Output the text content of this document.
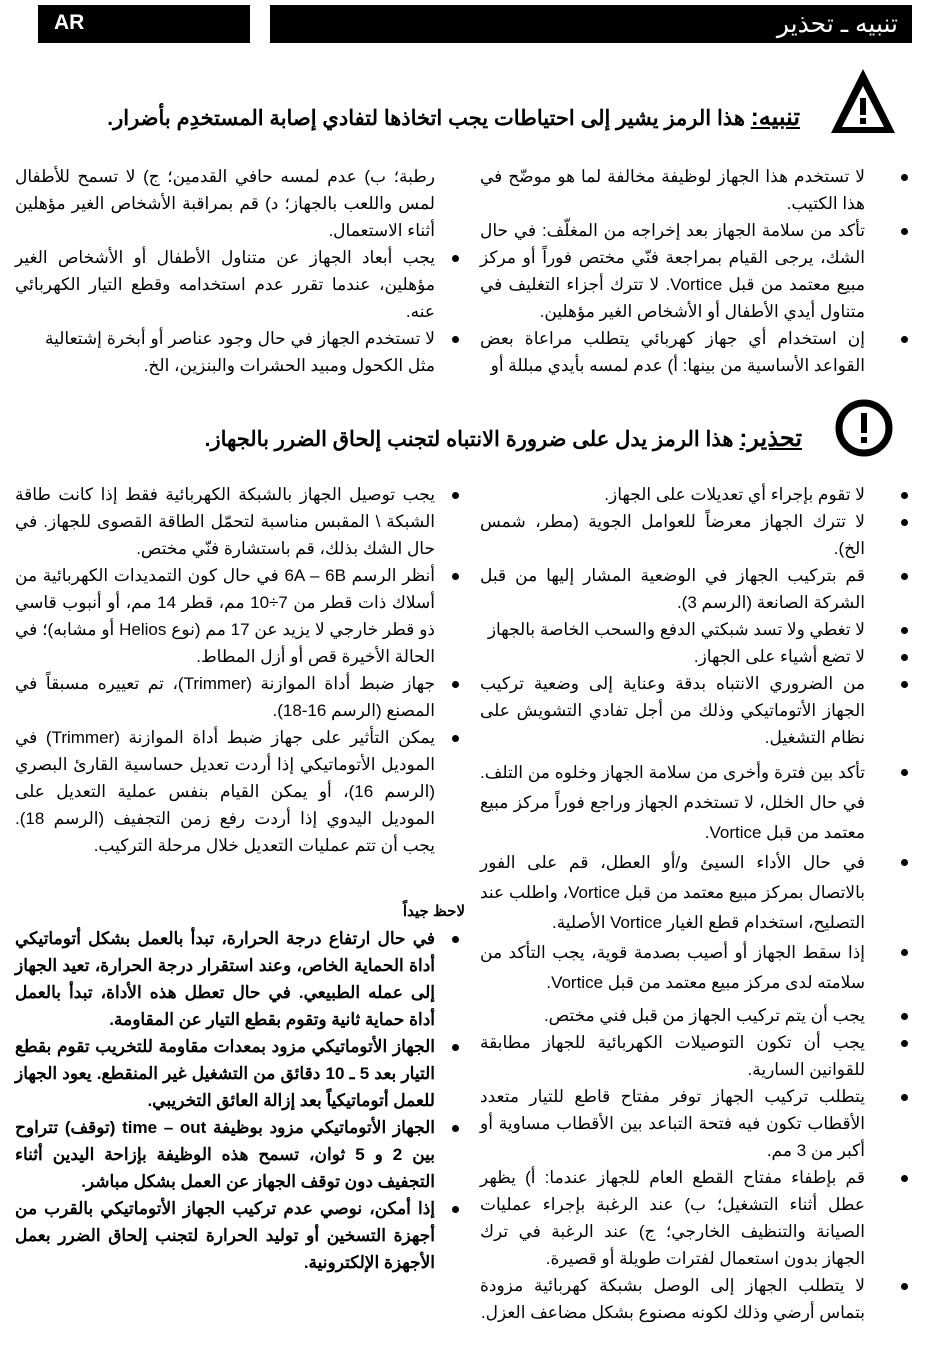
AR	تنبيه ـ تحذير
تنبيه: هذا الرمز يشير إلى احتياطات يجب اتخاذها لتفادي إصابة المستخدِم بأضرار.
لا تستخدم هذا الجهاز لوظيفة مخالفة لما هو موضّح في هذا الكتيب.
تأكد من سلامة الجهاز بعد إخراجه من المغلّف: في حال الشك، يرجى القيام بمراجعة فنّي مختص فوراً أو مركز مبيع معتمد من قبل Vortice. لا تترك أجزاء التغليف في متناول أيدي الأطفال أو الأشخاص الغير مؤهلين.
إن استخدام أي جهاز كهربائي يتطلب مراعاة بعض القواعد الأساسية من بينها: أ) عدم لمسه بأيدي مبللة أو
رطبة؛ ب) عدم لمسه حافي القدمين؛ ج) لا تسمح للأطفال لمس واللعب بالجهاز؛ د) قم بمراقبة الأشخاص الغير مؤهلين أثناء الاستعمال.
يجب أبعاد الجهاز عن متناول الأطفال أو الأشخاص الغير مؤهلين، عندما تقرر عدم استخدامه وقطع التيار الكهربائي عنه.
لا تستخدم الجهاز في حال وجود عناصر أو أبخرة إشتعالية مثل الكحول ومبيد الحشرات والبنزين، الخ.
تحذير: هذا الرمز يدل على ضرورة الانتباه لتجنب إلحاق الضرر بالجهاز.
لا تقوم بإجراء أي تعديلات على الجهاز.
لا تترك الجهاز معرضاً للعوامل الجوية (مطر، شمس الخ).
قم بتركيب الجهاز في الوضعية المشار إليها من قبل الشركة الصانعة (الرسم 3).
لا تغطي ولا تسد شبكتي الدفع والسحب الخاصة بالجهاز
لا تضع أشياء على الجهاز.
من الضروري الانتباه بدقة وعناية إلى وضعية تركيب الجهاز الأتوماتيكي وذلك من أجل تفادي التشويش على نظام التشغيل.
تأكد بين فترة وأخرى من سلامة الجهاز وخلوه من التلف. في حال الخلل، لا تستخدم الجهاز وراجع فوراً مركز مبيع معتمد من قبل Vortice.
في حال الأداء السيئ و/أو العطل، قم على الفور بالاتصال بمركز مبيع معتمد من قبل Vortice، واطلب عند التصليح، استخدام قطع الغيار Vortice الأصلية.
إذا سقط الجهاز أو أصيب بصدمة قوية، يجب التأكد من سلامته لدى مركز مبيع معتمد من قبل Vortice.
يجب أن يتم تركيب الجهاز من قبل فني مختص.
يجب أن تكون التوصيلات الكهربائية للجهاز مطابقة للقوانين السارية.
يتطلب تركيب الجهاز توفر مفتاح قاطع للتيار متعدد الأقطاب تكون فيه فتحة التباعد بين الأقطاب مساوية أو أكبر من 3 مم.
قم بإطفاء مفتاح القطع العام للجهاز عندما: أ) يظهر عطل أثناء التشغيل؛ ب) عند الرغبة بإجراء عمليات الصيانة والتنظيف الخارجي؛ ج) عند الرغبة في ترك الجهاز بدون استعمال لفترات طويلة أو قصيرة.
لا يتطلب الجهاز إلى الوصل بشبكة كهربائية مزودة بتماس أرضي وذلك لكونه مصنوع بشكل مضاعف العزل.
يجب توصيل الجهاز بالشبكة الكهربائية فقط إذا كانت طاقة الشبكة \ المقبس مناسبة لتحمّل الطاقة القصوى للجهاز. في حال الشك بذلك، قم باستشارة فنّي مختص.
أنظر الرسم 6A – 6B في حال كون التمديدات الكهربائية من أسلاك ذات قطر من 7÷10 مم، قطر 14 مم، أو أنبوب قاسي ذو قطر خارجي لا يزيد عن 17 مم (نوع Helios أو مشابه)؛ في الحالة الأخيرة قص أو أزل المطاط.
جهاز ضبط أداة الموازنة (Trimmer)، تم تعييره مسبقاً في المصنع (الرسم 16-18).
يمكن التأثير على جهاز ضبط أداة الموازنة (Trimmer) في الموديل الأتوماتيكي إذا أردت تعديل حساسية القارئ البصري (الرسم 16)، أو يمكن القيام بنفس عملية التعديل على الموديل اليدوي إذا أردت رفع زمن التجفيف (الرسم 18). يجب أن تتم عمليات التعديل خلال مرحلة التركيب.
لاحظ جيداً
في حال ارتفاع درجة الحرارة، تبدأ بالعمل بشكل أتوماتيكي أداة الحماية الخاص، وعند استقرار درجة الحرارة، تعيد الجهاز إلى عمله الطبيعي. في حال تعطل هذه الأداة، تبدأ بالعمل أداة حماية ثانية وتقوم بقطع التيار عن المقاومة.
الجهاز الأتوماتيكي مزود بمعدات مقاومة للتخريب تقوم بقطع التيار بعد 5 ـ 10 دقائق من التشغيل غير المنقطع. يعود الجهاز للعمل أتوماتيكياً بعد إزالة العائق التخريبي.
الجهاز الأتوماتيكي مزود بوظيفة time – out (توقف) تتراوح بين 2 و 5 ثوان، تسمح هذه الوظيفة بإزاحة اليدين أثناء التجفيف دون توقف الجهاز عن العمل بشكل مباشر.
إذا أمكن، نوصي عدم تركيب الجهاز الأتوماتيكي بالقرب من أجهزة التسخين أو توليد الحرارة لتجنب إلحاق الضرر بعمل الأجهزة الإلكترونية.
